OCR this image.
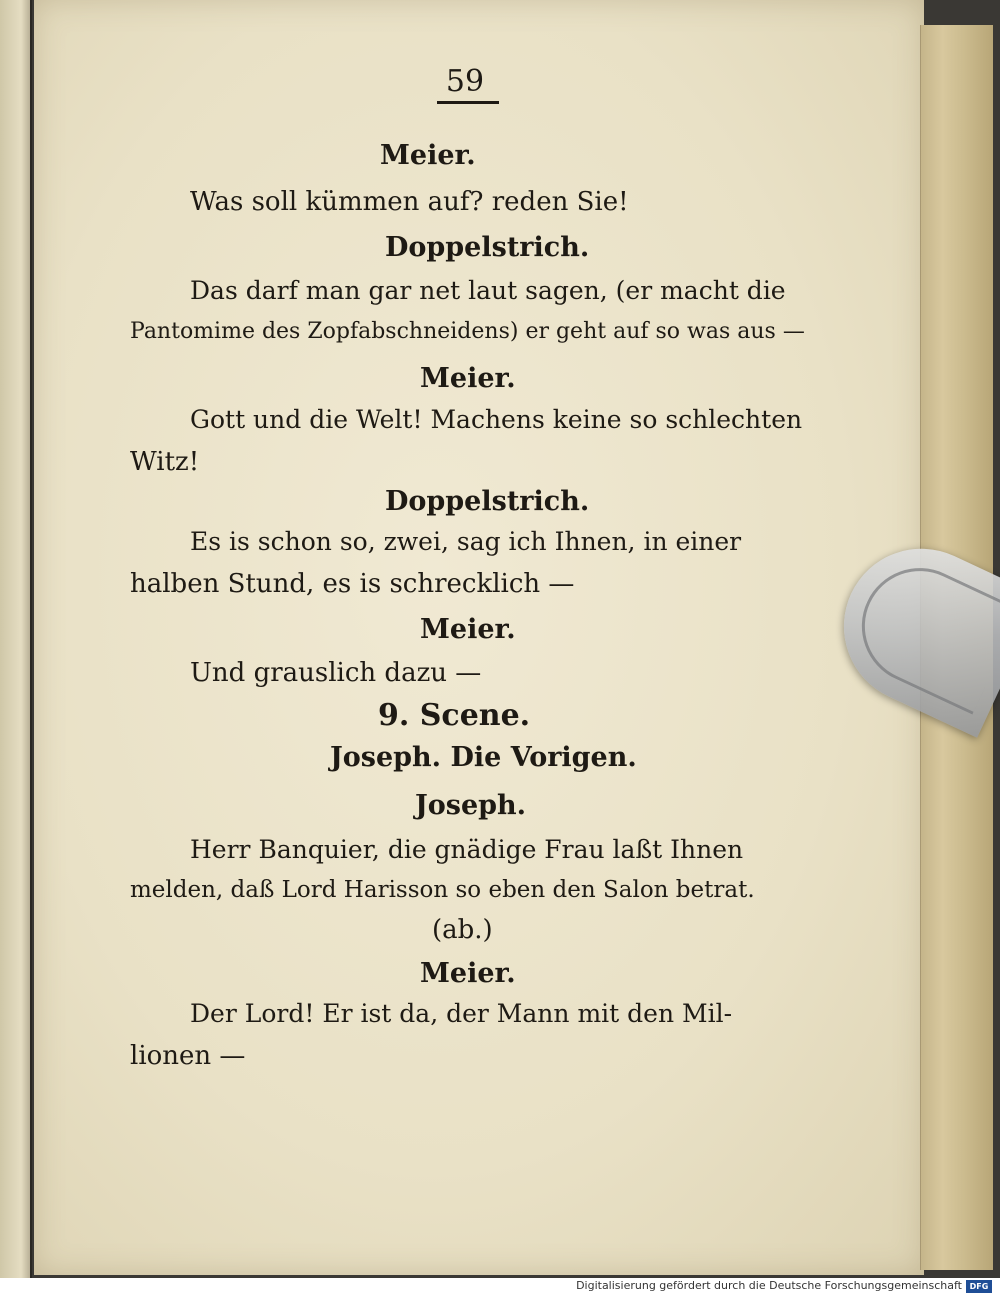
59
Meier.
Was soll kümmen auf? reden Sie!
Doppelstrich.
Das darf man gar net laut sagen, (er macht die
Pantomime des Zopfabschneidens) er geht auf so was aus —
Meier.
Gott und die Welt! Machens keine so schlechten
Witz!
Doppelstrich.
Es is schon so, zwei, sag ich Ihnen, in einer
halben Stund, es is schrecklich —
Meier.
Und grauslich dazu —
9. Scene.
Joseph. Die Vorigen.
Joseph.
Herr Banquier, die gnädige Frau laßt Ihnen
melden, daß Lord Harisson so eben den Salon betrat.
(ab.)
Meier.
Der Lord! Er ist da, der Mann mit den Mil-
lionen —
Digitalisierung gefördert durch die Deutsche Forschungsgemeinschaft DFG
